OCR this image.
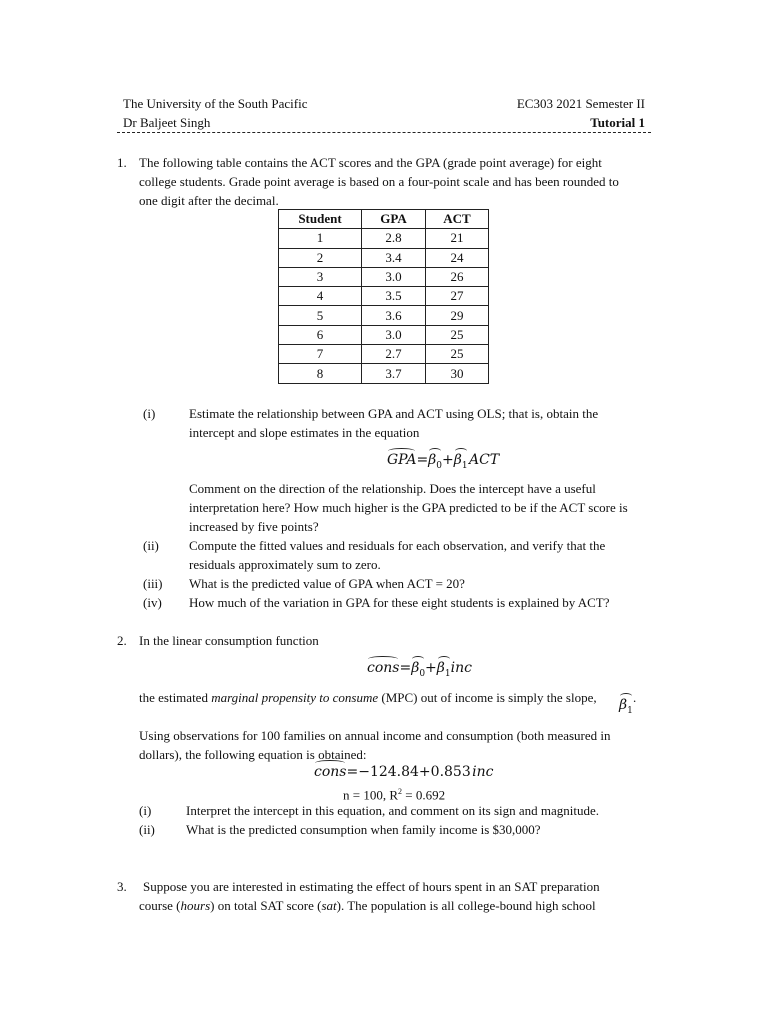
The University of the South Pacific	EC303 2021 Semester II
Dr Baljeet Singh	Tutorial 1
1. The following table contains the ACT scores and the GPA (grade point average) for eight
college students. Grade point average is based on a four-point scale and has been rounded to
one digit after the decimal.
Student	GPA	ACT
1	2.8	21
2	3.4	24
3	3.0	26
4	3.5	27
5	3.6	29
6	3.0	25
7	2.7	25
8	3.7	30
(i)	Estimate the relationship between GPA and ACT using OLS; that is, obtain the
intercept and slope estimates in the equation
$GPA=\beta_0+\beta_1$ ACT
Comment on the direction of the relationship. Does the intercept have a useful
interpretation here? How much higher is the GPA predicted to be if the ACT score is
increased by five points?
(ii) Compute the fitted values and residuals for each observation, and verify that the
residuals approximately sum to zero.
(iii) What is the predicted value of GPA when ACT = 20?
(iv) How much of the variation in GPA for these eight students is explained by ACT?
2. In the linear consumption function
$cons=\beta_0+\beta_1inc$
the estimated marginal propensity to consume (MPC) out of income is simply the slope, $\beta_1$
.
Using observations for 100 families on annual income and consumption (both measured in
dollars), the following equation is obtained:
cons=−124.84+0.853 inc
n = 100, $R^2 = 0.692$
(i)	Interpret the intercept in this equation, and comment on its sign and magnitude.
(ii) What is the predicted consumption when family income is $30,000?
3. Suppose you are interested in estimating the effect of hours spent in an SAT preparation
course (hours) on total SAT score (sat). The population is all college-bound high school
